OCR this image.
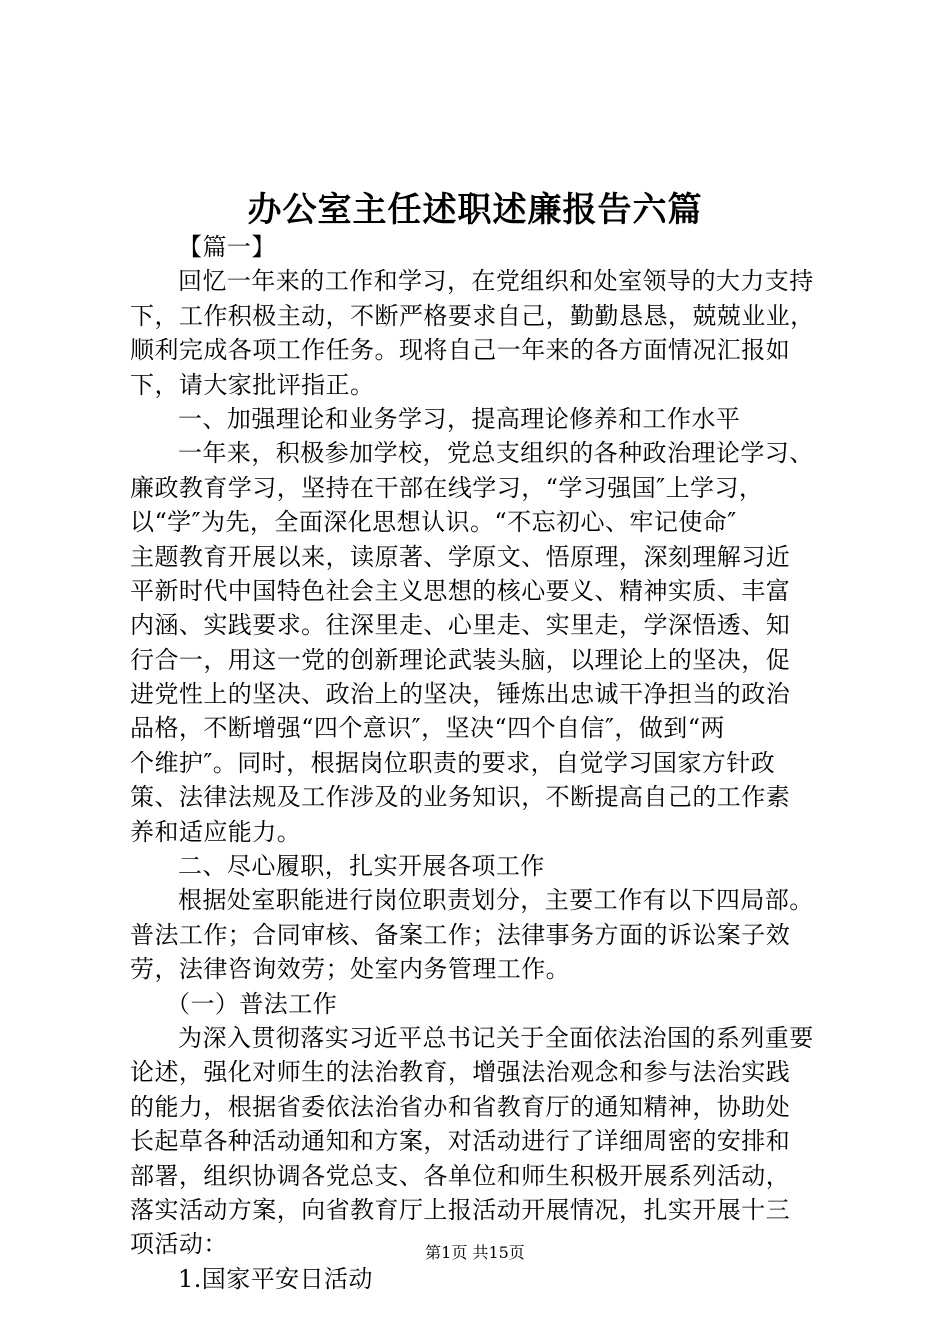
办公室主任述职述廉报告六篇
【篇一】
回忆一年来的工作和学习，在党组织和处室领导的大力支持
下，工作积极主动，不断严格要求自己，勤勤恳恳，兢兢业业，
顺利完成各项工作任务。现将自己一年来的各方面情况汇报如
下，请大家批评指正。
一、加强理论和业务学习，提高理论修养和工作水平
一年来，积极参加学校，党总支组织的各种政治理论学习、
廉政教育学习，坚持在干部在线学习，“学习强国″上学习，
以“学″为先，全面深化思想认识。“不忘初心、牢记使命″
主题教育开展以来，读原著、学原文、悟原理，深刻理解习近
平新时代中国特色社会主义思想的核心要义、精神实质、丰富
内涵、实践要求。往深里走、心里走、实里走，学深悟透、知
行合一，用这一党的创新理论武装头脑，以理论上的坚决，促
进党性上的坚决、政治上的坚决，锤炼出忠诚干净担当的政治
品格，不断增强“四个意识″，坚决“四个自信″，做到“两
个维护″。同时，根据岗位职责的要求，自觉学习国家方针政
策、法律法规及工作涉及的业务知识，不断提高自己的工作素
养和适应能力。
二、尽心履职，扎实开展各项工作
根据处室职能进行岗位职责划分，主要工作有以下四局部。
普法工作；合同审核、备案工作；法律事务方面的诉讼案子效
劳，法律咨询效劳；处室内务管理工作。
（一）普法工作
为深入贯彻落实习近平总书记关于全面依法治国的系列重要
论述，强化对师生的法治教育，增强法治观念和参与法治实践
的能力，根据省委依法治省办和省教育厅的通知精神，协助处
长起草各种活动通知和方案，对活动进行了详细周密的安排和
部署，组织协调各党总支、各单位和师生积极开展系列活动，
落实活动方案，向省教育厅上报活动开展情况，扎实开展十三
项活动：
1.国家平安日活动
第1页 共15页
